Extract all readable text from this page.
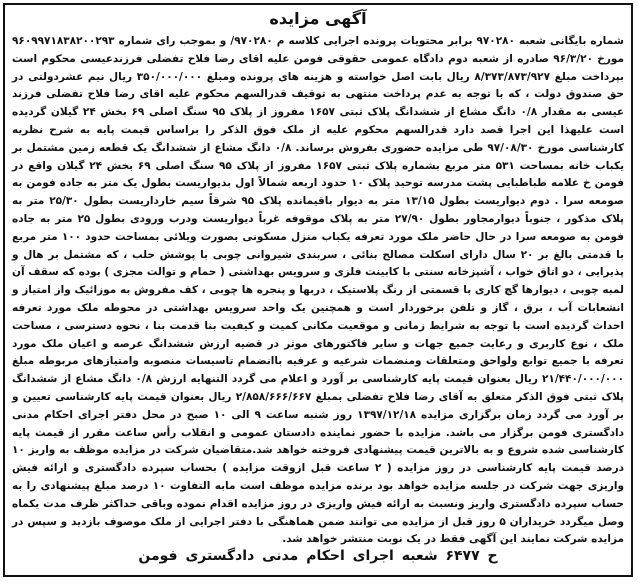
آگهی مزایده
شماره بایگانی شعبه ۹۷۰۲۸۰ برابر محتویات پرونده اجرایی کلاسه م ۹۷۰۲۸۰/ و بموجب رای شماره ۹۶۰۹۹۷۱۸۳۸۲۰۰۲۹۳ مورخ ۹۶/۳/۲۰ صادره از شعبه دوم دادگاه عمومی حقوقی فومن علیه اقای رضا فلاح تفضلی فرزندعیسی محکوم است بپرداخت مبلغ ۸/۳۷۳/۸۷۳/۹۲۷ ریال بابت اصل خواسته و هزینه های پرونده ومبلغ ۳۵۰/۰۰۰/۰۰۰ ریال نیم عشردولتی در حق صندوق دولت ، که با توجه به عدم پرداخت منتهی به توقیف قدرالسهم محکوم علیه اقای رضا فلاح تفضلی فرزند عیسی به مقدار ۰/۸ دانگ مشاع از ششدانگ پلاک ثبتی ۱۶۵۷ مفروز از پلاک ۹۵ سنگ اصلی ۶۹ بخش ۲۴ گیلان گردیده است علیهذا این اجرا قصد دارد قدرالسهم محکوم علیه از ملک فوق الذکر را براساس قیمت پایه به شرح نظریه کارشناسی مورخ ۹۷/۰۸/۳۰ طی مزایده حضوری بفروش برساند. ۰/۸ دانگ مشاع از ششدانگ یک قطعه زمین مشتمل بر یکباب خانه بمساحت ۵۳۱ متر مربع بشماره پلاک ثبتی ۱۶۵۷ مفروز از پلاک ۹۵ سنگ اصلی ۶۹ بخش ۲۴ گیلان واقع در فومن خ علامه طباطبایی پشت مدرسه توحید پلاک ۱۰ حدود اربعه شمالاً اول بدیواریست بطول یک متر به جاده فومن به صومعه سرا . دوم دیواریست بطول ۱۳/۱۵ متر به دیوار باقیمانده پلاک ۹۵ شرقاً سیم خارداریست بطول ۲۵/۳۰ متر به پلاک مذکور ، جنوباً دیوارمجاور بطول ۲۷/۹۰ متر به پلاک موقوفه غرباً دیواریست ودرب ورودی بطول ۲۵ متر به جاده فومن به صومعه سرا در حال حاضر ملک مورد تعرفه یکباب منزل مسکونی بصورت ویلائی بمساحت حدود ۱۰۰ متر مربع با قدمتی بالغ بر ۲۰ سال دارای اسکلت مصالح بنائی ، سربندی شیروانی چوبی با پوشش حلب ، که مشتمل بر هال و پذیرایی ، دو اتاق خواب ، آشپزخانه سنتی با کابینت فلزی و سرویس بهداشتی ( حمام و توالت مجزی ) بوده که سقف آن لمبه چوبی ، دیوارها گچ کاری با قسمتی از رنگ پلاستیک ، دربها و پنجره ها چوبی ، کف مفروش به موزائیک واز امتیاز و انشعابات آب ، برق ، گاز و تلفن برخوردار است و همچنین یک واحد سرویس بهداشتی در محوطه ملک مورد تعرفه احداث گردیده است با توجه به شرایط زمانی و موقعیت مکانی کمیت و کیفیت بنا قدمت بنا ، نحوه دسترسی ، مساحت ملک ، نوع کاربری و رعایت جمیع جهات و سایر فاکتورهای موثر در قضیه ارزش ششدانگ عرصه و اعیان ملک مورد تعرفه با جمیع توابع ولواحق ومتعلقات ومنضمات شرعیه و عرفیه باانضمام تاسیسات منصوبه وامتیازهای مربوطه مبلغ ۲۱/۴۴۰/۰۰۰/۰۰۰ ریال بعنوان قیمت پایه کارشناسی بر آورد و اعلام می گردد التنهایه ارزش ۰/۸ دانگ مشاع از ششدانگ پلاک ثبتی فوق الذکر متعلق به آقای رضا فلاح تفضلی بمبلغ ۲/۸۵۸/۶۶۶/۶۶۷ ریال بعنوان قیمت پایه کارشناسی تعیین و بر آورد می گردد زمان برگزاری مزایده ۱۳۹۷/۱۲/۱۸ روز شنبه ساعت ۹ الی ۱۰ صبح در محل دفتر اجرای احکام مدنی دادگستری فومن برگزار می باشد. مزایده با حضور نماینده دادستان عمومی و انقلاب رأس ساعت مقرر از قیمت پایه کارشناسی شده شروع و به بالاترین قیمت پیشنهادی فروخته خواهد شد.متقاضیان شرکت در مزایده موظف به واریز ۱۰ درصد قیمت پایه کارشناسی در روز مزایده ( ۲ ساعت قبل ازوقت مزایده ) بحساب سپرده دادگستری و ارائه فیش واریزی جهت شرکت در جلسه مزایده خواهد بود برنده مزایده موظف است مابه التفاوت ۱۰ درصد مبلغ پیشنهادی را به حساب سپرده دادگستری واریز ونسبت به ارائه فیش واریزی در روز مزایده اقدام نموده وباقی حداکثر ظرف مدت یکماه وصل میگردد خریداران ۵ روز قبل از مزایده می توانند ضمن هماهنگی با دفتر اجرایی از ملک موصوف بازدید و سپس در مزایده شرکت نمایند این آگهی فقط در یک نوبت منتشر خواهد شد.
ح ۶۴۷۷ شعبه اجرای احکام مدنی دادگستری فومن
